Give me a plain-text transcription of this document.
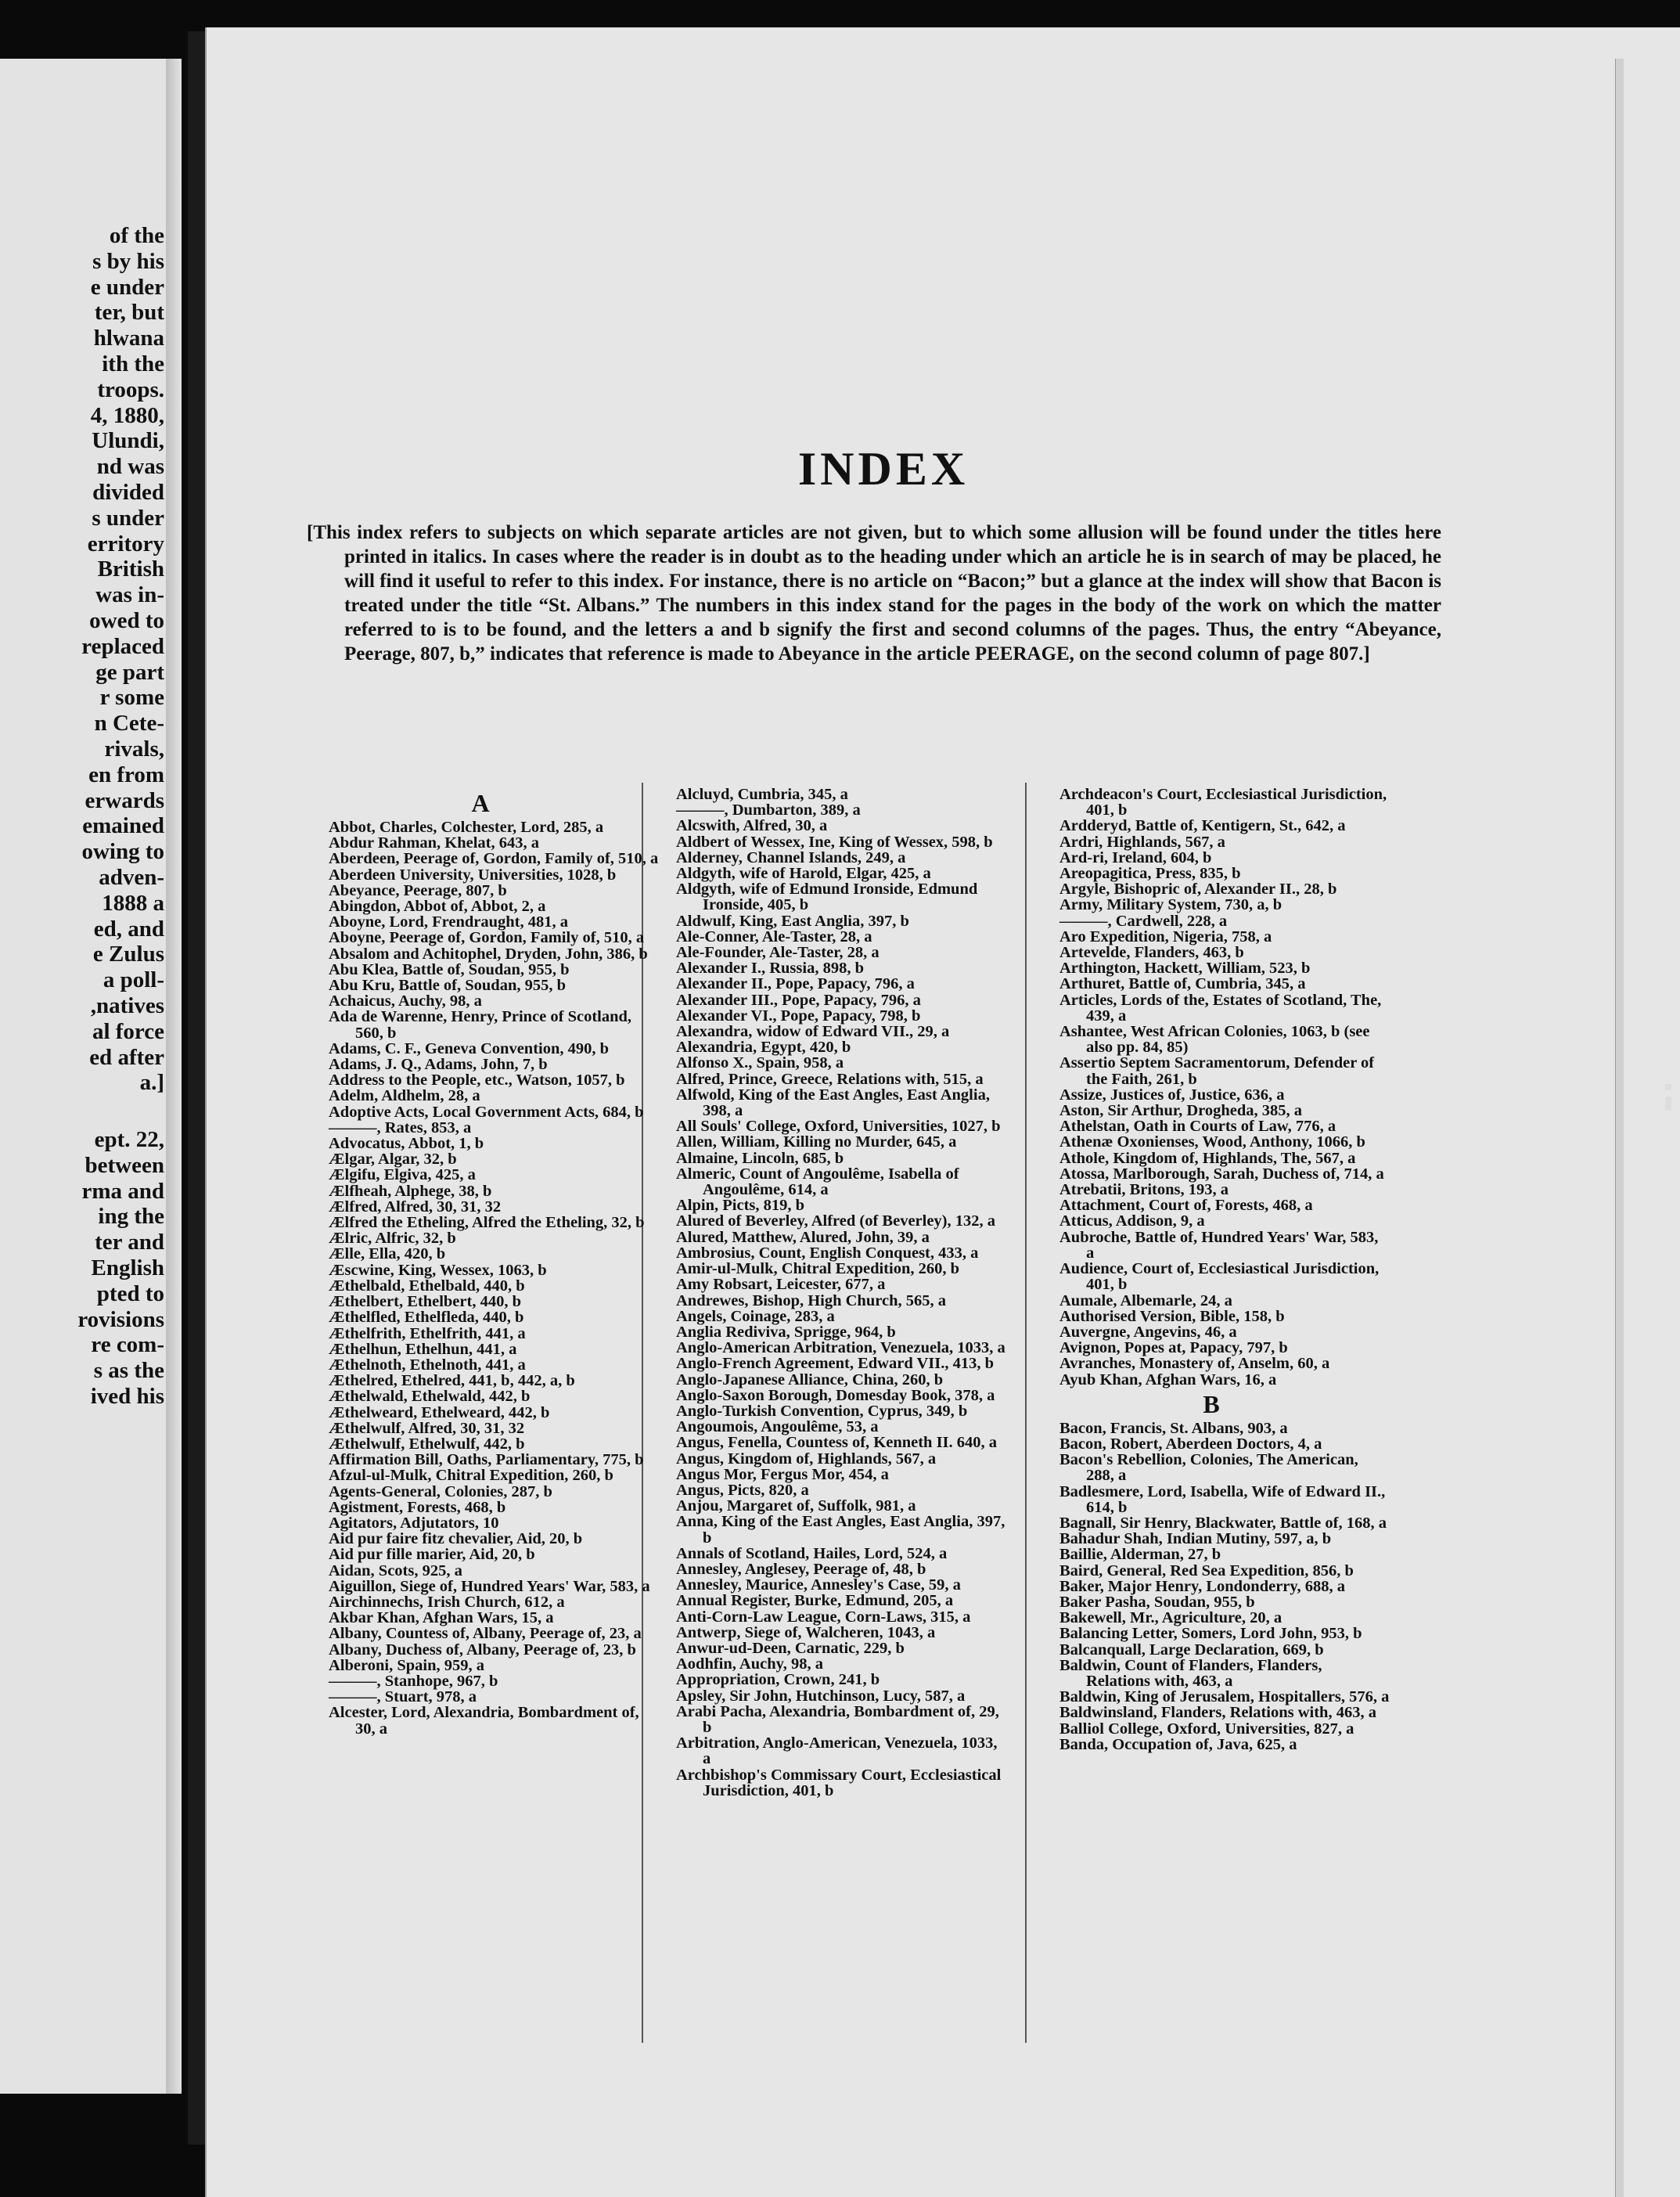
of the
s by his
e under
ter, but
hlwana
ith the
troops.
4, 1880,
Ulundi,
nd was
divided
s under
erritory
British
was in-
owed to
replaced
ge part
r some
n Cete-
rivals,
en from
erwards
emained
owing to
adven-
1888 a
ed, and
e Zulus
a poll-
,natives
al force
ed after
a.]
ept. 22,
between
rma and
ing the
ter and
English
pted to
rovisions
re com-
s as the
ived his
INDEX

[This index refers to subjects on which separate articles are not given, but to which some allusion will be found under the titles here printed in italics. In cases where the reader is in doubt as to the heading under which an article he is in search of may be placed, he will find it useful to refer to this index. For instance, there is no article on “Bacon;” but a glance at the index will show that Bacon is treated under the title “St. Albans.” The numbers in this index stand for the pages in the body of the work on which the matter referred to is to be found, and the letters a and b signify the first and second columns of the pages. Thus, the entry “Abeyance, Peerage, 807, b,” indicates that reference is made to Abeyance in the article PEERAGE, on the second column of page 807.]

A
Abbot, Charles, Colchester, Lord, 285, a
Abdur Rahman, Khelat, 643, a
Aberdeen, Peerage of, Gordon, Family of, 510, a
Aberdeen University, Universities, 1028, b
Abeyance, Peerage, 807, b
Abingdon, Abbot of, Abbot, 2, a
Aboyne, Lord, Frendraught, 481, a
Aboyne, Peerage of, Gordon, Family of, 510, a
Absalom and Achitophel, Dryden, John, 386, b
Abu Klea, Battle of, Soudan, 955, b
Abu Kru, Battle of, Soudan, 955, b
Achaicus, Auchy, 98, a
Ada de Warenne, Henry, Prince of Scotland, 560, b
Adams, C. F., Geneva Convention, 490, b
Adams, J. Q., Adams, John, 7, b
Address to the People, etc., Watson, 1057, b
Adelm, Aldhelm, 28, a
Adoptive Acts, Local Government Acts, 684, b
———, Rates, 853, a
Advocatus, Abbot, 1, b
Ælgar, Algar, 32, b
Ælgifu, Elgiva, 425, a
Ælfheah, Alphege, 38, b
Ælfred, Alfred, 30, 31, 32
Ælfred the Etheling, Alfred the Etheling, 32, b
Ælric, Alfric, 32, b
Ælle, Ella, 420, b
Æscwine, King, Wessex, 1063, b
Æthelbald, Ethelbald, 440, b
Æthelbert, Ethelbert, 440, b
Æthelfled, Ethelfleda, 440, b
Æthelfrith, Ethelfrith, 441, a
Æthelhun, Ethelhun, 441, a
Æthelnoth, Ethelnoth, 441, a
Æthelred, Ethelred, 441, b, 442, a, b
Æthelwald, Ethelwald, 442, b
Æthelweard, Ethelweard, 442, b
Æthelwulf, Alfred, 30, 31, 32
Æthelwulf, Ethelwulf, 442, b
Affirmation Bill, Oaths, Parliamentary, 775, b
Afzul-ul-Mulk, Chitral Expedition, 260, b
Agents-General, Colonies, 287, b
Agistment, Forests, 468, b
Agitators, Adjutators, 10
Aid pur faire fitz chevalier, Aid, 20, b
Aid pur fille marier, Aid, 20, b
Aidan, Scots, 925, a
Aiguillon, Siege of, Hundred Years' War, 583, a
Airchinnechs, Irish Church, 612, a
Akbar Khan, Afghan Wars, 15, a
Albany, Countess of, Albany, Peerage of, 23, a
Albany, Duchess of, Albany, Peerage of, 23, b
Alberoni, Spain, 959, a
———, Stanhope, 967, b
———, Stuart, 978, a
Alcester, Lord, Alexandria, Bombardment of, 30, a
Alcluyd, Cumbria, 345, a
———, Dumbarton, 389, a
Alcswith, Alfred, 30, a
Aldbert of Wessex, Ine, King of Wessex, 598, b
Alderney, Channel Islands, 249, a
Aldgyth, wife of Harold, Elgar, 425, a
Aldgyth, wife of Edmund Ironside, Edmund Ironside, 405, b
Aldwulf, King, East Anglia, 397, b
Ale-Conner, Ale-Taster, 28, a
Ale-Founder, Ale-Taster, 28, a
Alexander I., Russia, 898, b
Alexander II., Pope, Papacy, 796, a
Alexander III., Pope, Papacy, 796, a
Alexander VI., Pope, Papacy, 798, b
Alexandra, widow of Edward VII., 29, a
Alexandria, Egypt, 420, b
Alfonso X., Spain, 958, a
Alfred, Prince, Greece, Relations with, 515, a
Alfwold, King of the East Angles, East Anglia, 398, a
All Souls' College, Oxford, Universities, 1027, b
Allen, William, Killing no Murder, 645, a
Almaine, Lincoln, 685, b
Almeric, Count of Angoulême, Isabella of Angoulême, 614, a
Alpin, Picts, 819, b
Alured of Beverley, Alfred (of Beverley), 132, a
Alured, Matthew, Alured, John, 39, a
Ambrosius, Count, English Conquest, 433, a
Amir-ul-Mulk, Chitral Expedition, 260, b
Amy Robsart, Leicester, 677, a
Andrewes, Bishop, High Church, 565, a
Angels, Coinage, 283, a
Anglia Rediviva, Sprigge, 964, b
Anglo-American Arbitration, Venezuela, 1033, a
Anglo-French Agreement, Edward VII., 413, b
Anglo-Japanese Alliance, China, 260, b
Anglo-Saxon Borough, Domesday Book, 378, a
Anglo-Turkish Convention, Cyprus, 349, b
Angoumois, Angoulême, 53, a
Angus, Fenella, Countess of, Kenneth II. 640, a
Angus, Kingdom of, Highlands, 567, a
Angus Mor, Fergus Mor, 454, a
Angus, Picts, 820, a
Anjou, Margaret of, Suffolk, 981, a
Anna, King of the East Angles, East Anglia, 397, b
Annals of Scotland, Hailes, Lord, 524, a
Annesley, Anglesey, Peerage of, 48, b
Annesley, Maurice, Annesley's Case, 59, a
Annual Register, Burke, Edmund, 205, a
Anti-Corn-Law League, Corn-Laws, 315, a
Antwerp, Siege of, Walcheren, 1043, a
Anwur-ud-Deen, Carnatic, 229, b
Aodhfin, Auchy, 98, a
Appropriation, Crown, 241, b
Apsley, Sir John, Hutchinson, Lucy, 587, a
Arabi Pacha, Alexandria, Bombardment of, 29, b
Arbitration, Anglo-American, Venezuela, 1033, a
Archbishop's Commissary Court, Ecclesiastical Jurisdiction, 401, b
Archdeacon's Court, Ecclesiastical Jurisdiction, 401, b
Ardderyd, Battle of, Kentigern, St., 642, a
Ardri, Highlands, 567, a
Ard-ri, Ireland, 604, b
Areopagitica, Press, 835, b
Argyle, Bishopric of, Alexander II., 28, b
Army, Military System, 730, a, b
———, Cardwell, 228, a
Aro Expedition, Nigeria, 758, a
Artevelde, Flanders, 463, b
Arthington, Hackett, William, 523, b
Arthuret, Battle of, Cumbria, 345, a
Articles, Lords of the, Estates of Scotland, The, 439, a
Ashantee, West African Colonies, 1063, b (see also pp. 84, 85)
Assertio Septem Sacramentorum, Defender of the Faith, 261, b
Assize, Justices of, Justice, 636, a
Aston, Sir Arthur, Drogheda, 385, a
Athelstan, Oath in Courts of Law, 776, a
Athenæ Oxonienses, Wood, Anthony, 1066, b
Athole, Kingdom of, Highlands, The, 567, a
Atossa, Marlborough, Sarah, Duchess of, 714, a
Atrebatii, Britons, 193, a
Attachment, Court of, Forests, 468, a
Atticus, Addison, 9, a
Aubroche, Battle of, Hundred Years' War, 583, a
Audience, Court of, Ecclesiastical Jurisdiction, 401, b
Aumale, Albemarle, 24, a
Authorised Version, Bible, 158, b
Auvergne, Angevins, 46, a
Avignon, Popes at, Papacy, 797, b
Avranches, Monastery of, Anselm, 60, a
Ayub Khan, Afghan Wars, 16, a
B
Bacon, Francis, St. Albans, 903, a
Bacon, Robert, Aberdeen Doctors, 4, a
Bacon's Rebellion, Colonies, The American, 288, a
Badlesmere, Lord, Isabella, Wife of Edward II., 614, b
Bagnall, Sir Henry, Blackwater, Battle of, 168, a
Bahadur Shah, Indian Mutiny, 597, a, b
Baillie, Alderman, 27, b
Baird, General, Red Sea Expedition, 856, b
Baker, Major Henry, Londonderry, 688, a
Baker Pasha, Soudan, 955, b
Bakewell, Mr., Agriculture, 20, a
Balancing Letter, Somers, Lord John, 953, b
Balcanquall, Large Declaration, 669, b
Baldwin, Count of Flanders, Flanders, Relations with, 463, a
Baldwin, King of Jerusalem, Hospitallers, 576, a
Baldwinsland, Flanders, Relations with, 463, a
Balliol College, Oxford, Universities, 827, a
Banda, Occupation of, Java, 625, a
